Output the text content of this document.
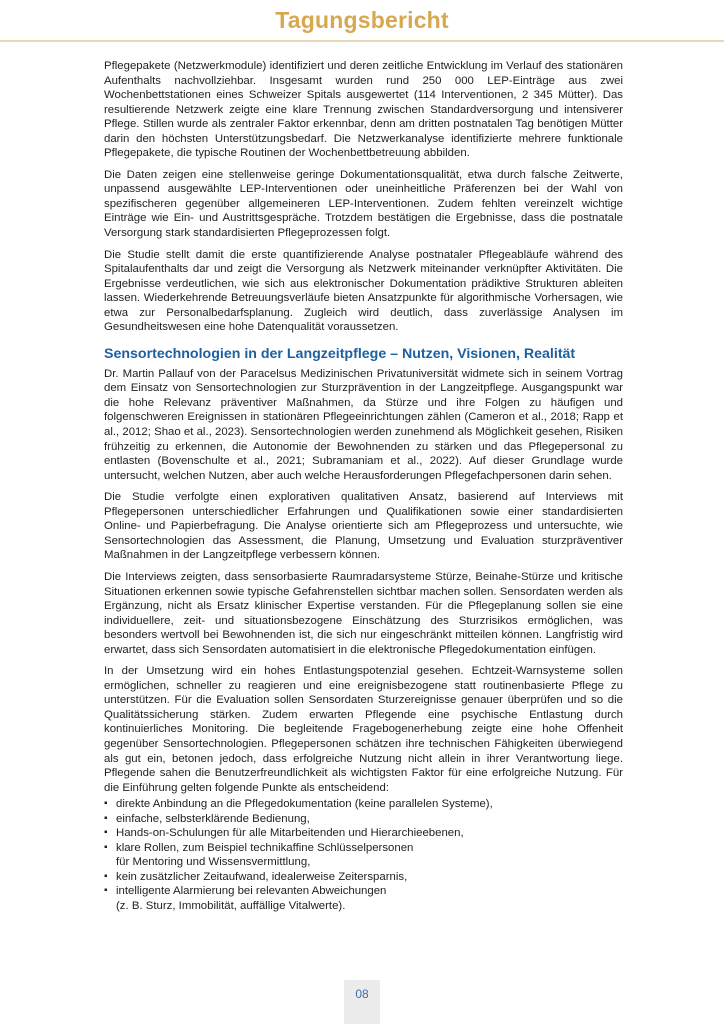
Tagungsbericht

Pflegepakete (Netzwerkmodule) identifiziert und deren zeitliche Entwicklung im Verlauf des stationären Aufenthalts nachvollziehbar. Insgesamt wurden rund 250 000 LEP-Einträge aus zwei Wochenbettstationen eines Schweizer Spitals ausgewertet (114 Interventionen, 2 345 Mütter). Das resultierende Netzwerk zeigte eine klare Trennung zwischen Standardversorgung und intensiverer Pflege. Stillen wurde als zentraler Faktor erkennbar, denn am dritten postnatalen Tag benötigen Mütter darin den höchsten Unterstützungsbedarf. Die Netzwerkanalyse identifizierte mehrere funktionale Pflegepakete, die typische Routinen der Wochenbettbetreuung abbilden.

Die Daten zeigen eine stellenweise geringe Dokumentationsqualität, etwa durch falsche Zeitwerte, unpassend ausgewählte LEP-Interventionen oder uneinheitliche Präferenzen bei der Wahl von spezifischeren gegenüber allgemeineren LEP-Interventionen. Zudem fehlten vereinzelt wichtige Einträge wie Ein- und Austrittsgespräche. Trotzdem bestätigen die Ergebnisse, dass die postnatale Versorgung stark standardisierten Pflegeprozessen folgt.

Die Studie stellt damit die erste quantifizierende Analyse postnataler Pflegeabläufe während des Spitalaufenthalts dar und zeigt die Versorgung als Netzwerk miteinander verknüpfter Aktivitäten. Die Ergebnisse verdeutlichen, wie sich aus elektronischer Dokumentation prädiktive Strukturen ableiten lassen. Wiederkehrende Betreuungsverläufe bieten Ansatzpunkte für algorithmische Vorhersagen, wie etwa zur Personalbedarfsplanung. Zugleich wird deutlich, dass zuverlässige Analysen im Gesundheitswesen eine hohe Datenqualität voraussetzen.

Sensortechnologien in der Langzeitpflege – Nutzen, Visionen, Realität

Dr. Martin Pallauf von der Paracelsus Medizinischen Privatuniversität widmete sich in seinem Vortrag dem Einsatz von Sensortechnologien zur Sturzprävention in der Langzeitpflege. Ausgangspunkt war die hohe Relevanz präventiver Maßnahmen, da Stürze und ihre Folgen zu häufigen und folgenschweren Ereignissen in stationären Pflegeeinrichtungen zählen (Cameron et al., 2018; Rapp et al., 2012; Shao et al., 2023). Sensortechnologien werden zunehmend als Möglichkeit gesehen, Risiken frühzeitig zu erkennen, die Autonomie der Bewohnenden zu stärken und das Pflegepersonal zu entlasten (Bovenschulte et al., 2021; Subramaniam et al., 2022). Auf dieser Grundlage wurde untersucht, welchen Nutzen, aber auch welche Herausforderungen Pflegefachpersonen darin sehen.

Die Studie verfolgte einen explorativen qualitativen Ansatz, basierend auf Interviews mit Pflegepersonen unterschiedlicher Erfahrungen und Qualifikationen sowie einer standardisierten Online- und Papierbefragung. Die Analyse orientierte sich am Pflegeprozess und untersuchte, wie Sensortechnologien das Assessment, die Planung, Umsetzung und Evaluation sturzpräventiver Maßnahmen in der Langzeitpflege verbessern können.

Die Interviews zeigten, dass sensorbasierte Raumradarsysteme Stürze, Beinahe-Stürze und kritische Situationen erkennen sowie typische Gefahrenstellen sichtbar machen sollen. Sensordaten werden als Ergänzung, nicht als Ersatz klinischer Expertise verstanden. Für die Pflegeplanung sollen sie eine individuellere, zeit- und situationsbezogene Einschätzung des Sturzrisikos ermöglichen, was besonders wertvoll bei Bewohnenden ist, die sich nur eingeschränkt mitteilen können. Langfristig wird erwartet, dass sich Sensordaten automatisiert in die elektronische Pflegedokumentation einfügen.

In der Umsetzung wird ein hohes Entlastungspotenzial gesehen. Echtzeit-Warnsysteme sollen ermöglichen, schneller zu reagieren und eine ereignisbezogene statt routinenbasierte Pflege zu unterstützen. Für die Evaluation sollen Sensordaten Sturzereignisse genauer überprüfen und so die Qualitätssicherung stärken. Zudem erwarten Pflegende eine psychische Entlastung durch kontinuierliches Monitoring. Die begleitende Fragebogenerhebung zeigte eine hohe Offenheit gegenüber Sensortechnologien. Pflegepersonen schätzen ihre technischen Fähigkeiten überwiegend als gut ein, betonen jedoch, dass erfolgreiche Nutzung nicht allein in ihrer Verantwortung liege. Pflegende sahen die Benutzerfreundlichkeit als wichtigsten Faktor für eine erfolgreiche Nutzung. Für die Einführung gelten folgende Punkte als entscheidend:

▪ direkte Anbindung an die Pflegedokumentation (keine parallelen Systeme),
▪ einfache, selbsterklärende Bedienung,
▪ Hands-on-Schulungen für alle Mitarbeitenden und Hierarchieebenen,
▪ klare Rollen, zum Beispiel technikaffine Schlüsselpersonen
für Mentoring und Wissensvermittlung,
▪ kein zusätzlicher Zeitaufwand, idealerweise Zeitersparnis,
▪ intelligente Alarmierung bei relevanten Abweichungen
(z. B. Sturz, Immobilität, auffällige Vitalwerte).
08
